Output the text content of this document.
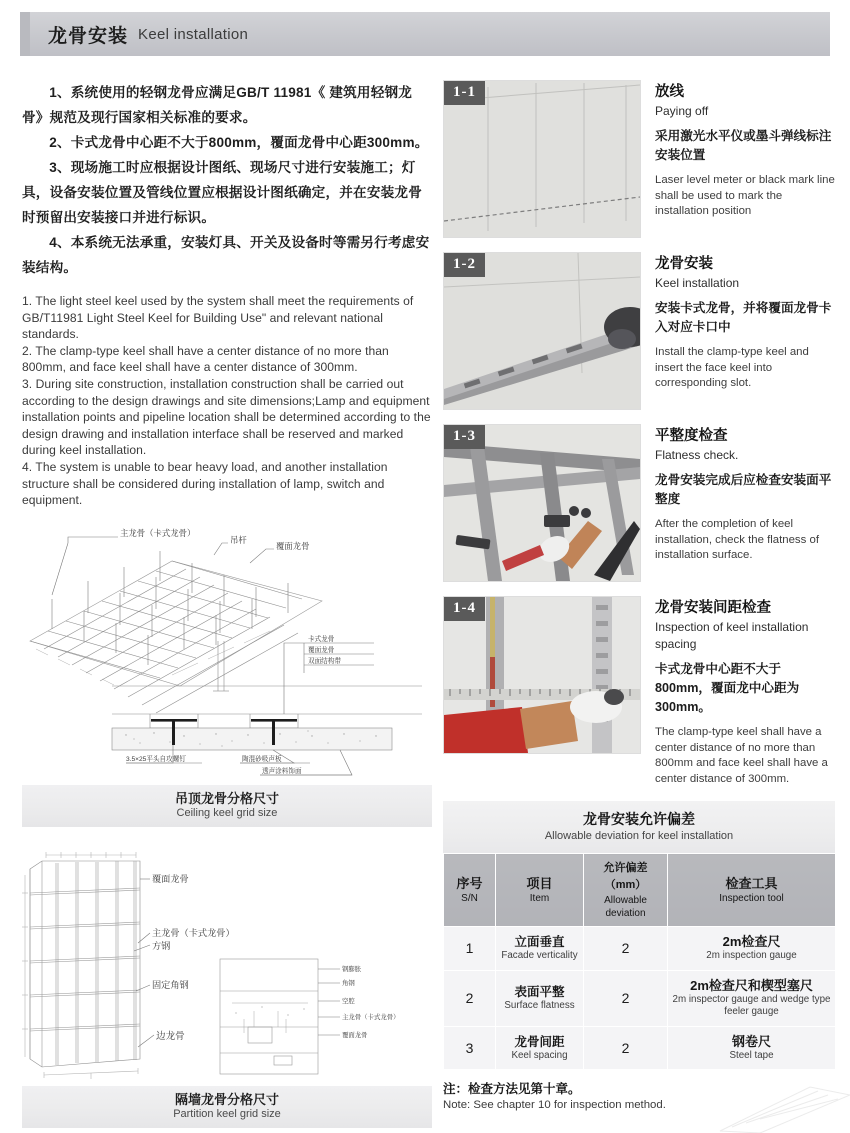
龙骨安装 Keel installation

1、系统使用的轻钢龙骨应满足GB/T 11981《 建筑用轻钢龙骨》规范及现行国家相关标准的要求。

2、卡式龙骨中心距不大于800mm，覆面龙骨中心距300mm。

3、现场施工时应根据设计图纸、现场尺寸进行安装施工；灯具，设备安装位置及管线位置应根据设计图纸确定，并在安装龙骨时预留出安装接口并进行标识。

4、本系统无法承重，安装灯具、开关及设备时等需另行考虑安装结构。

1. The light steel keel used by the system shall meet the requirements of GB/T11981 Light Steel Keel for Building Use" and relevant national standards.

2. The clamp-type keel shall have a center distance of no more than 800mm, and face keel shall have a center distance of 300mm.

3. During site construction, installation construction shall be carried out according to the design drawings and site dimensions;Lamp and equipment installation points and pipeline location shall be determined according to the design drawing and installation interface shall be reserved and marked during keel installation.

4. The system is unable to bear heavy load, and another installation structure shall be considered during installation of lamp, switch and equipment.

主龙骨（卡式龙骨）
吊杆
覆面龙骨
卡式龙骨
覆面龙骨
双面结构带
3.5×25平头自攻螺钉	陶混砂吸声板
透声涂料饰面
吊顶龙骨分格尺寸
Ceiling keel grid size
覆面龙骨
主龙骨（卡式龙骨）
方钢
固定角钢
边龙骨
钢膨胀
角钢
空腔
主龙骨（卡式龙骨）
覆面龙骨
隔墙龙骨分格尺寸
Partition keel grid size
1-1	放线
Paying off
采用激光水平仪或墨斗弹线标注安装位置
Laser level meter or black mark line shall be used to mark the installation position
1-2	龙骨安装
Keel installation
安装卡式龙骨，并将覆面龙骨卡入对应卡口中
Install the clamp-type keel and insert the face keel into corresponding slot.
1-3	平整度检查
Flatness check.
龙骨安装完成后应检查安装面平整度
After the completion of keel installation, check the flatness of installation surface.
1-4	龙骨安装间距检查
Inspection of keel installation spacing
卡式龙骨中心距不大于800mm，覆面龙中心距为300mm。
The clamp-type keel shall have a center distance of no more than 800mm and face keel shall have a center distance of 300mm.
龙骨安装允许偏差
Allowable deviation for keel installation
序号
S/N	项目
Item	允许偏差（mm）
Allowable deviation	检查工具
Inspection tool

1	立面垂直
Facade verticality	2	2m检查尺
2m inspection gauge

2	表面平整
Surface flatness	2	2m检查尺和楔型塞尺
2m inspector gauge and wedge type feeler gauge

3	龙骨间距
Keel spacing	2	钢卷尺
Steel tape
注：检查方法见第十章。
Note: See chapter 10 for inspection method.
